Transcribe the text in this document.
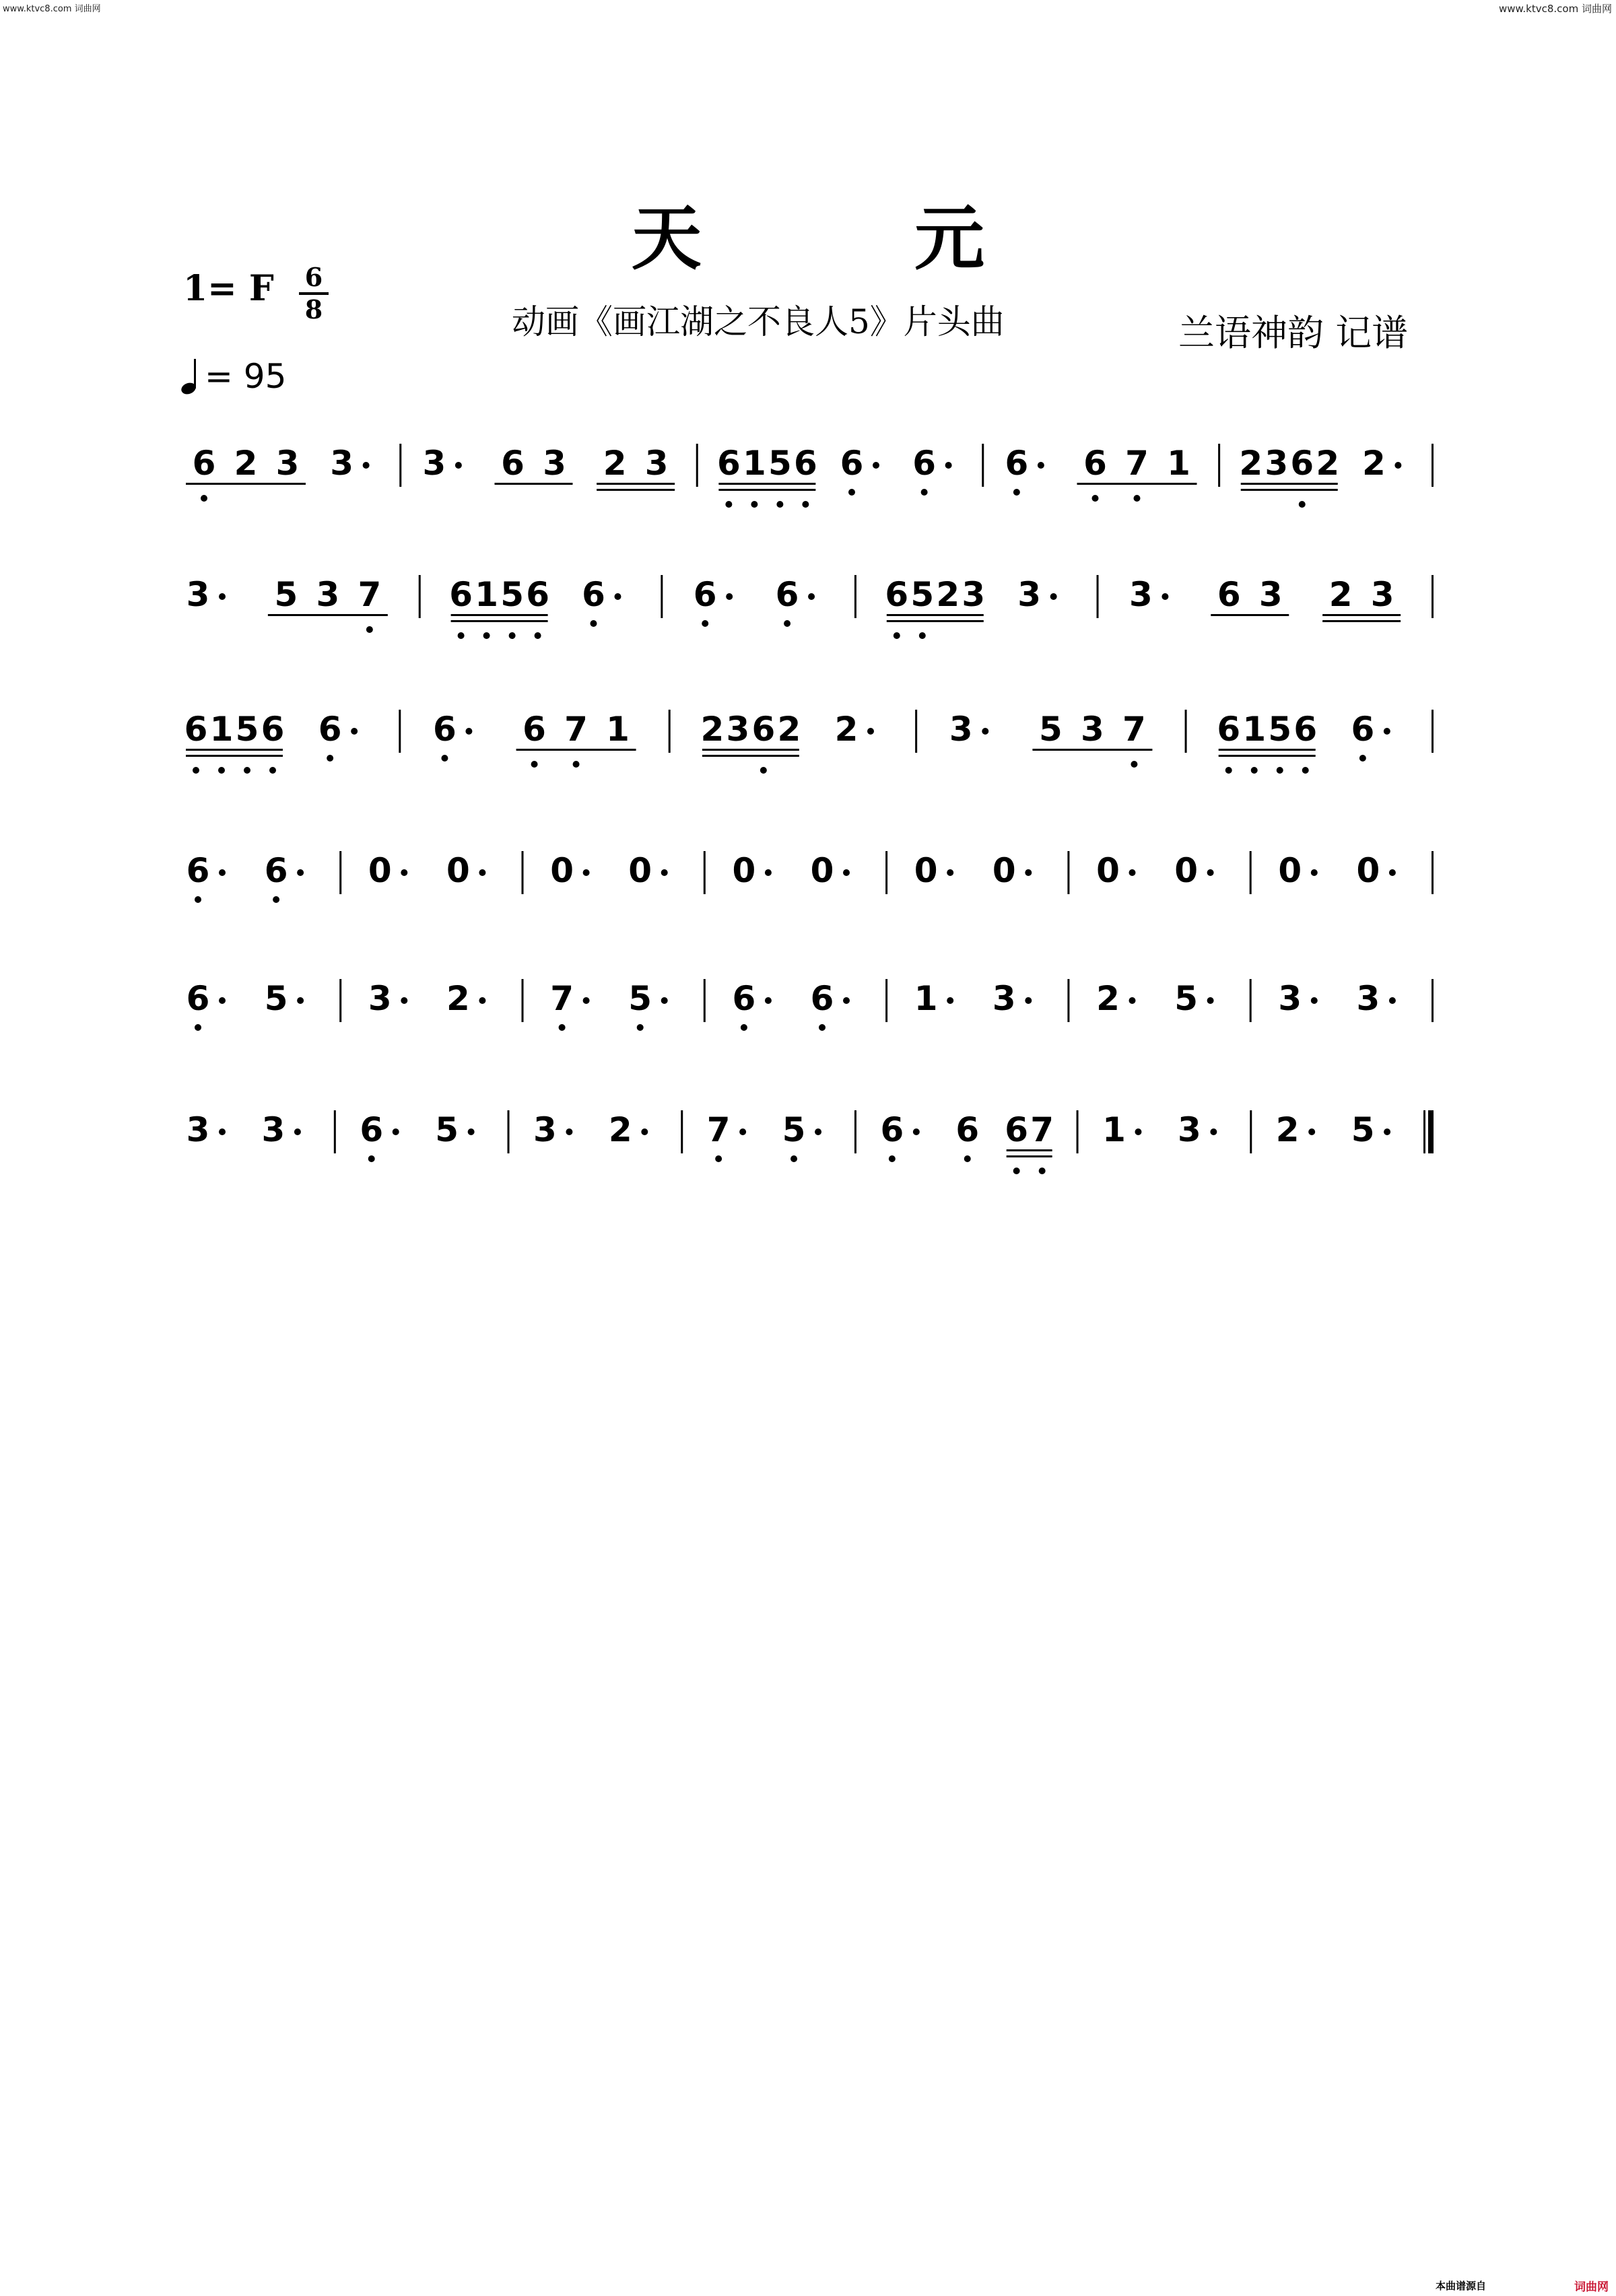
www.ktvc8.com 词曲网	www.ktvc8.com 词曲网
天 元
1= F	6
8	动画《画江湖之不良人5》片头曲	兰语神韵 记谱
= 95
6 2 3 3 3 6 3 2 3 6 1 5 6 6 6 6 6 7 1 2 3 6 2 2
3 5 3 7 6 1 5 6 6	6 6	6 5 2 3 3	3 6 3 2 3
6 1 5 6 6	6 6 7 1 2 3 6 2 2	3 5 3 7 6 1 5 6 6
6 6 0 0 0 0 0 0 0 0 0 0 0 0
6 5 3 2 7 5 6 6 1 3 2 5 3 3
3 3 6 5 3 2 7 5 6 6 6 7 1 3 2 5
本曲谱源自	词曲网
